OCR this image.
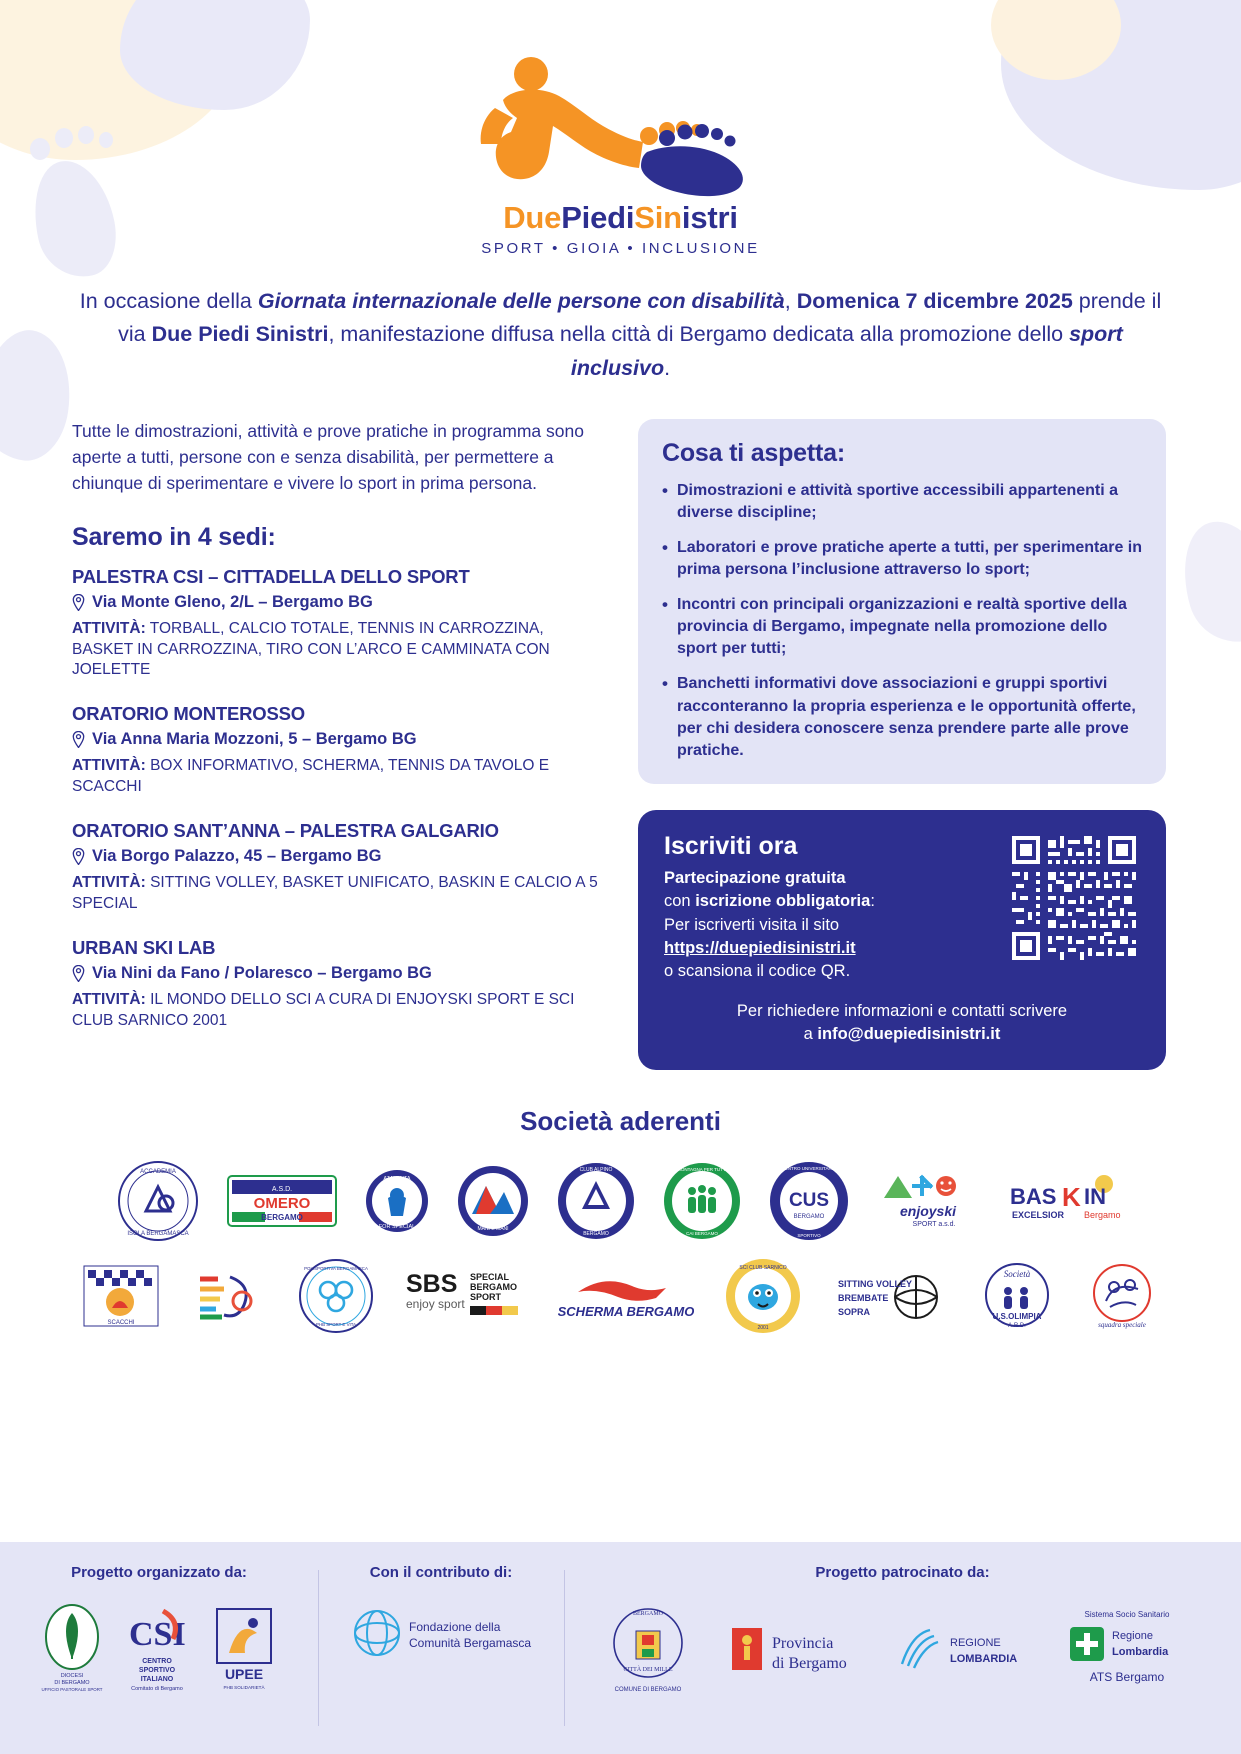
DuePiediSinistri
SPORT • GIOIA • INCLUSIONE
In occasione della Giornata internazionale delle persone con disabilità, Domenica 7 dicembre 2025 prende il via Due Piedi Sinistri, manifestazione diffusa nella città di Bergamo dedicata alla promozione dello sport inclusivo.
Tutte le dimostrazioni, attività e prove pratiche in programma sono aperte a tutti, persone con e senza disabilità, per permettere a chiunque di sperimentare e vivere lo sport in prima persona.
Saremo in 4 sedi:
PALESTRA CSI – CITTADELLA DELLO SPORT
Via Monte Gleno, 2/L – Bergamo BG
ATTIVITÀ: TORBALL, CALCIO TOTALE, TENNIS IN CARROZZINA, BASKET IN CARROZZINA, TIRO CON L’ARCO E CAMMINATA CON JOELETTE
ORATORIO MONTEROSSO
Via Anna Maria Mozzoni, 5 – Bergamo BG
ATTIVITÀ: BOX INFORMATIVO, SCHERMA, TENNIS DA TAVOLO E SCACCHI
ORATORIO SANT’ANNA – PALESTRA GALGARIO
Via Borgo Palazzo, 45 – Bergamo BG
ATTIVITÀ: SITTING VOLLEY, BASKET UNIFICATO, BASKIN E CALCIO A 5 SPECIAL
URBAN SKI LAB
Via Nini da Fano / Polaresco – Bergamo BG
ATTIVITÀ: IL MONDO DELLO SCI A CURA DI ENJOYSKI SPORT E SCI CLUB SARNICO 2001
Cosa ti aspetta:
• Dimostrazioni e attività sportive accessibili appartenenti a diverse discipline;
• Laboratori e prove pratiche aperte a tutti, per sperimentare in prima persona l’inclusione attraverso lo sport;
• Incontri con principali organizzazioni e realtà sportive della provincia di Bergamo, impegnate nella promozione dello sport per tutti;
• Banchetti informativi dove associazioni e gruppi sportivi racconteranno la propria esperienza e le opportunità offerte, per chi desidera conoscere senza prendere parte alle prove pratiche.
Iscriviti ora
Partecipazione gratuita
con iscrizione obbligatoria:
Per iscriverti visita il sito
https://duepiedisinistri.it
o scansiona il codice QR.
Per richiedere informazioni e contatti scrivere
a info@duepiedisinistri.it
Società aderenti
ACCADEMIA
ISOLA BERGAMASCA
A.S.D.
OMERO
BERGAMO
ATALANTA
FOR SPECIAL	MANI E MANI
CLUB ALPINO
BERGAMO
MONTAGNA PER TUTTI
CAI BERGAMO
CUS
BERGAMO
CENTRO UNIVERSITARIO
SPORTIVO
enjoyski
SPORT a.s.d.
BAS K IN
EXCELSIOR Bergamo
SCACCHI
POLISPORTIVA BERGAMASCA
PHB SPORT E VITA
SBS SPECIAL
BERGAMO
SPORT
enjoy sport	SCHERMA BERGAMO
SCI CLUB SARNICO
2001
SITTING VOLLEY
BREMBATE
SOPRA
Società
U.S.OLIMPIA
A.R.D.	squadra speciale
Progetto organizzato da:
DIOCESI
DI BERGAMO
UFFICIO PASTORALE SPORT
CSI
CENTRO
SPORTIVO
ITALIANO
Comitato di Bergamo
UPEE
PHB SOLIDARIETÀ
Con il contributo di:
Fondazione della
Comunità Bergamasca
Progetto patrocinato da:
BERGAMO
CITTÀ DEI MILLE
COMUNE DI BERGAMO
Provincia
di Bergamo
REGIONE
LOMBARDIA
Sistema Socio Sanitario
Regione
Lombardia
ATS Bergamo
